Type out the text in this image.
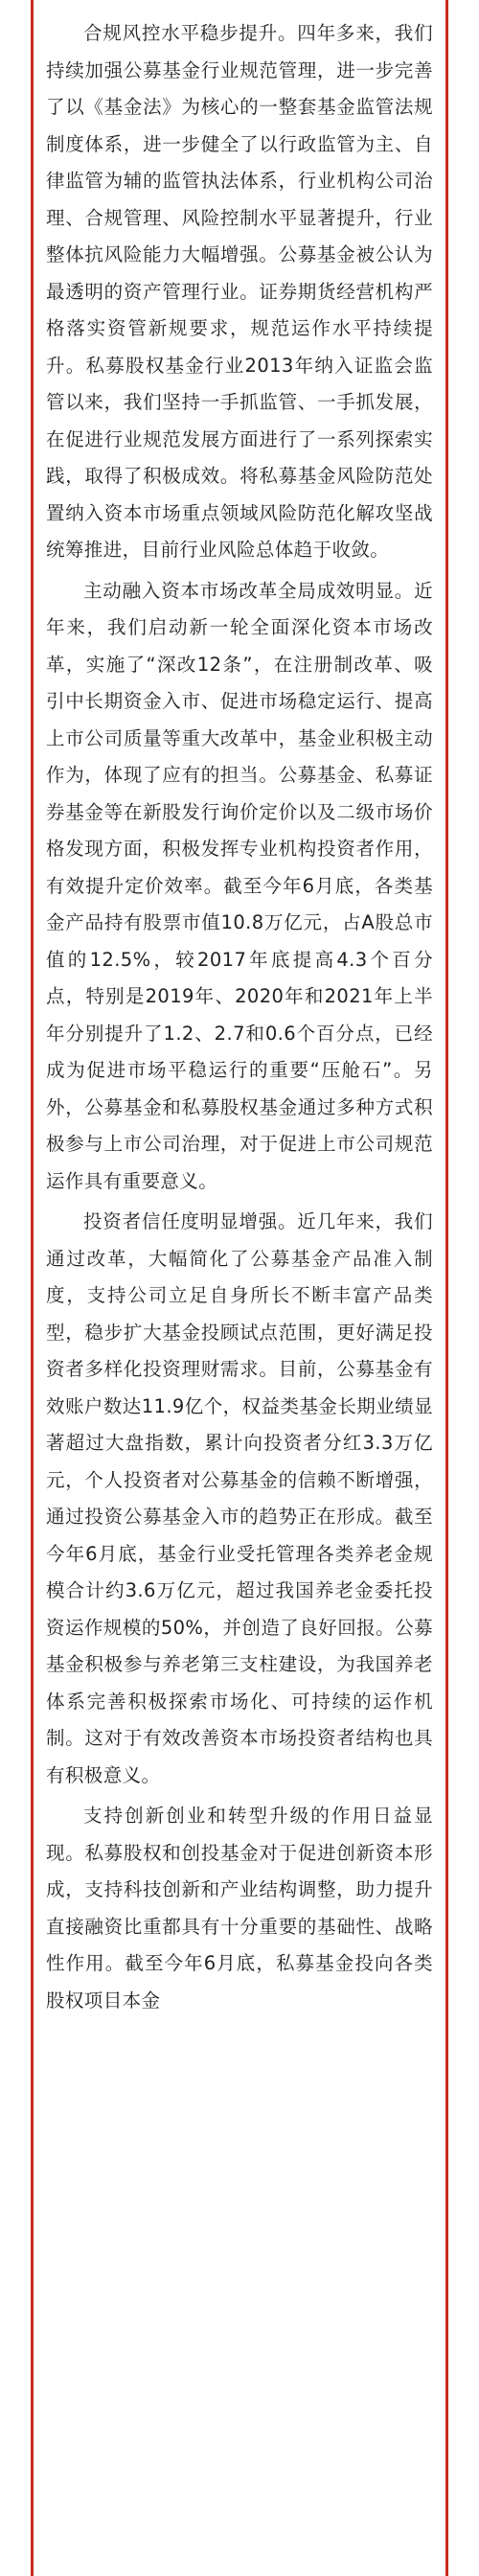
合规风控水平稳步提升。四年多来，我们持续加强公募基金行业规范管理，进一步完善了以《基金法》为核心的一整套基金监管法规制度体系，进一步健全了以行政监管为主、自律监管为辅的监管执法体系，行业机构公司治理、合规管理、风险控制水平显著提升，行业整体抗风险能力大幅增强。公募基金被公认为最透明的资产管理行业。证券期货经营机构严格落实资管新规要求，规范运作水平持续提升。私募股权基金行业2013年纳入证监会监管以来，我们坚持一手抓监管、一手抓发展，在促进行业规范发展方面进行了一系列探索实践，取得了积极成效。将私募基金风险防范处置纳入资本市场重点领域风险防范化解攻坚战统筹推进，目前行业风险总体趋于收敛。

主动融入资本市场改革全局成效明显。近年来，我们启动新一轮全面深化资本市场改革，实施了“深改12条”，在注册制改革、吸引中长期资金入市、促进市场稳定运行、提高上市公司质量等重大改革中，基金业积极主动作为，体现了应有的担当。公募基金、私募证券基金等在新股发行询价定价以及二级市场价格发现方面，积极发挥专业机构投资者作用，有效提升定价效率。截至今年6月底，各类基金产品持有股票市值10.8万亿元，占A股总市值的12.5%，较2017年底提高4.3个百分点，特别是2019年、2020年和2021年上半年分别提升了1.2、2.7和0.6个百分点，已经成为促进市场平稳运行的重要“压舱石”。另外，公募基金和私募股权基金通过多种方式积极参与上市公司治理，对于促进上市公司规范运作具有重要意义。

投资者信任度明显增强。近几年来，我们通过改革，大幅简化了公募基金产品准入制度，支持公司立足自身所长不断丰富产品类型，稳步扩大基金投顾试点范围，更好满足投资者多样化投资理财需求。目前，公募基金有效账户数达11.9亿个，权益类基金长期业绩显著超过大盘指数，累计向投资者分红3.3万亿元，个人投资者对公募基金的信赖不断增强，通过投资公募基金入市的趋势正在形成。截至今年6月底，基金行业受托管理各类养老金规模合计约3.6万亿元，超过我国养老金委托投资运作规模的50%，并创造了良好回报。公募基金积极参与养老第三支柱建设，为我国养老体系完善积极探索市场化、可持续的运作机制。这对于有效改善资本市场投资者结构也具有积极意义。

支持创新创业和转型升级的作用日益显现。私募股权和创投基金对于促进创新资本形成，支持科技创新和产业结构调整，助力提升直接融资比重都具有十分重要的基础性、战略性作用。截至今年6月底，私募基金投向各类股权项目本金
